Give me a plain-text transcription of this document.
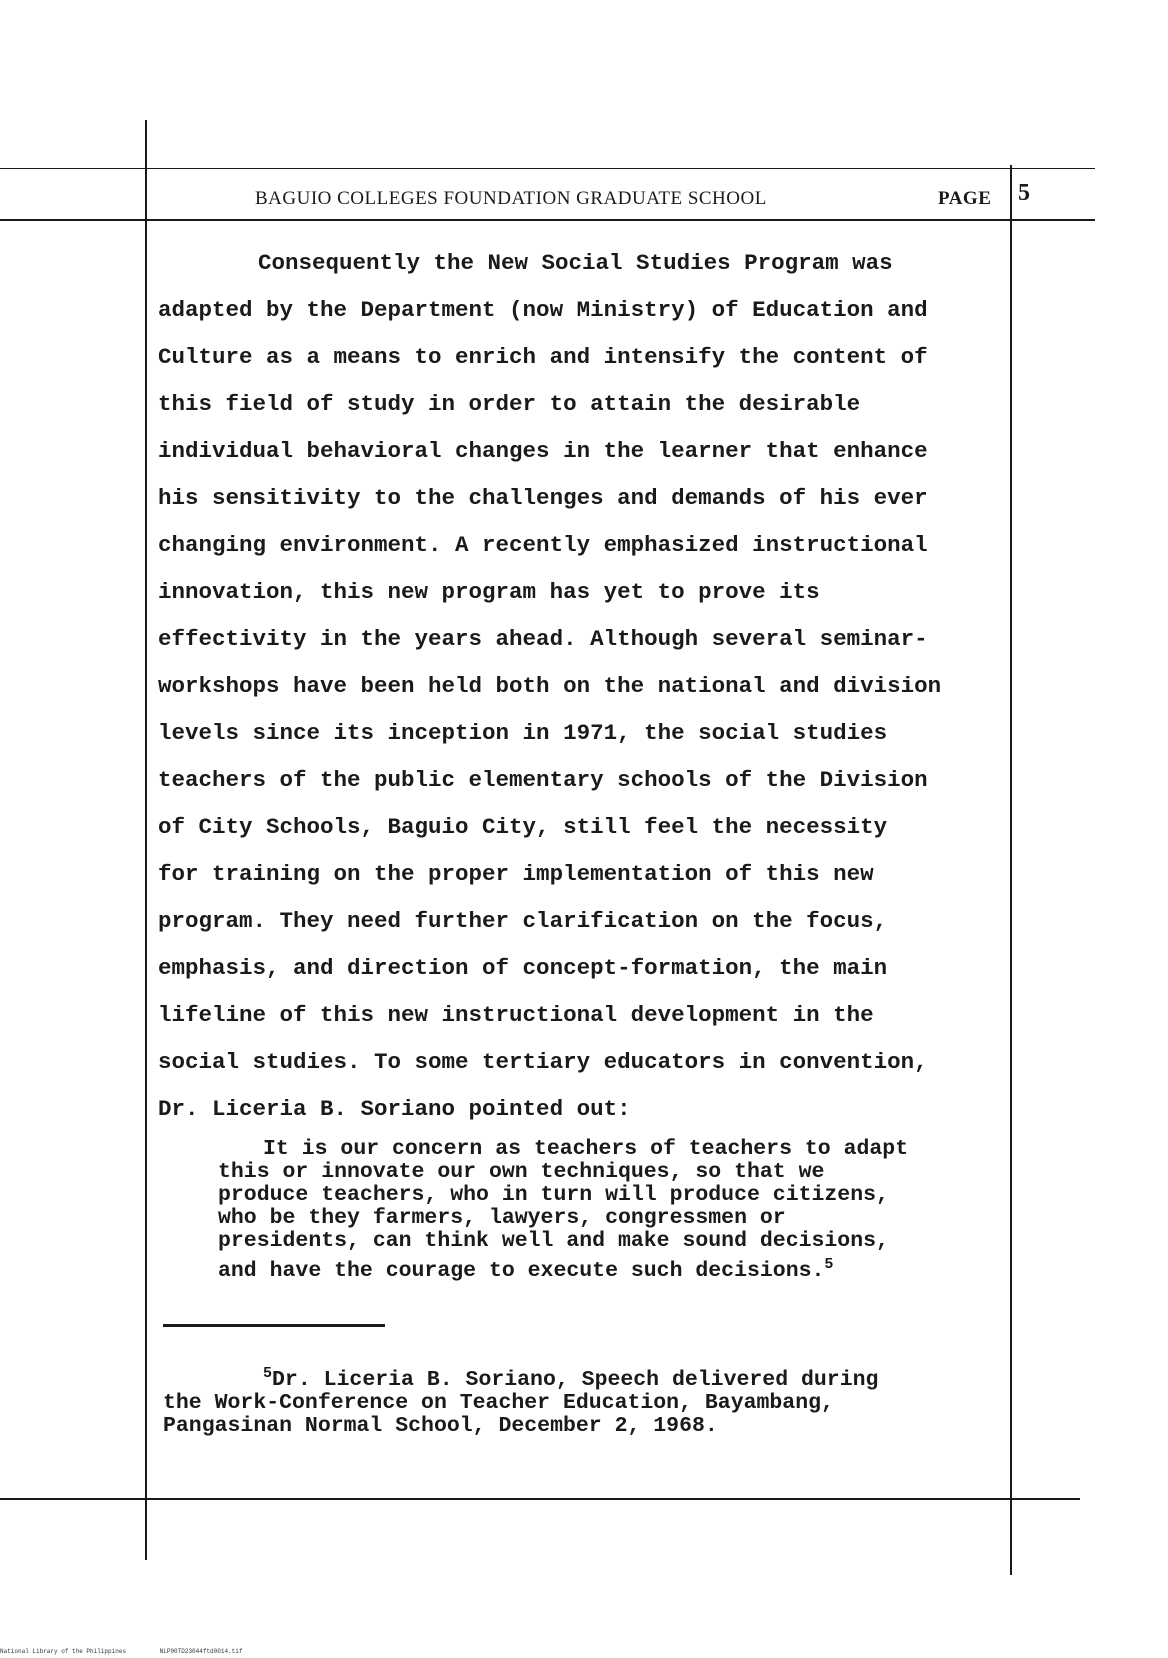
BAGUIO COLLEGES FOUNDATION GRADUATE SCHOOL	PAGE 5
Consequently the New Social Studies Program was
adapted by the Department (now Ministry) of Education and
Culture as a means to enrich and intensify the content of
this field of study in order to attain the desirable
individual behavioral changes in the learner that enhance
his sensitivity to the challenges and demands of his ever
changing environment. A recently emphasized instructional
innovation, this new program has yet to prove its
effectivity in the years ahead. Although several seminar-
workshops have been held both on the national and division
levels since its inception in 1971, the social studies
teachers of the public elementary schools of the Division
of City Schools, Baguio City, still feel the necessity
for training on the proper implementation of this new
program. They need further clarification on the focus,
emphasis, and direction of concept-formation, the main
lifeline of this new instructional development in the
social studies. To some tertiary educators in convention,
Dr. Liceria B. Soriano pointed out:
It is our concern as teachers of teachers to adapt
this or innovate our own techniques, so that we
produce teachers, who in turn will produce citizens,
who be they farmers, lawyers, congressmen or
presidents, can think well and make sound decisions,
and have the courage to execute such decisions.$^5$
$^5$Dr. Liceria B. Soriano, Speech delivered during
the Work-Conference on Teacher Education, Bayambang,
Pangasinan Normal School, December 2, 1968.
National Library of the Philippines	NLP00TD23044ftd0014.tif
